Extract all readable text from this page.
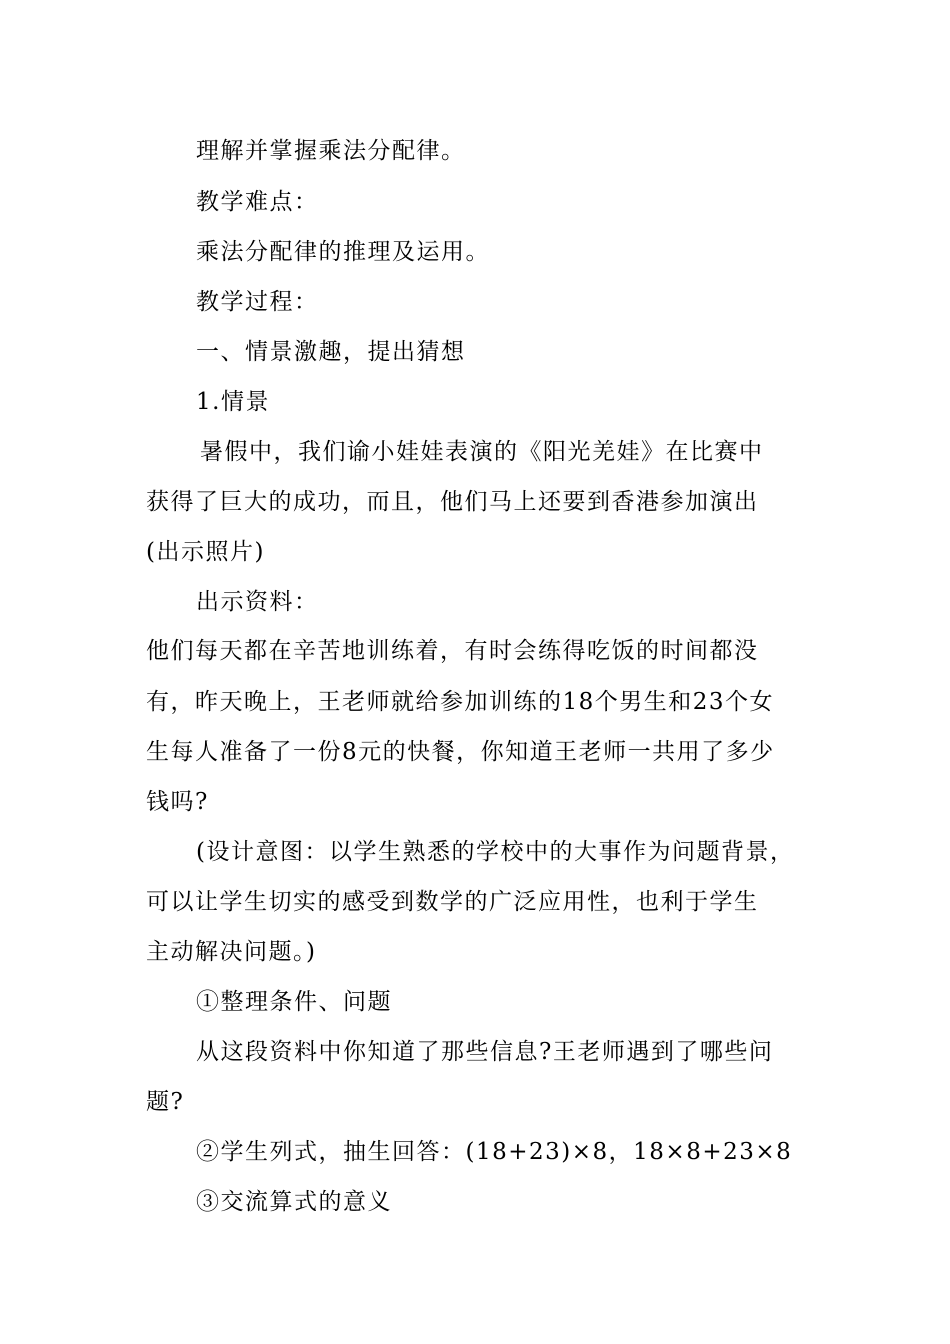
理解并掌握乘法分配律。
教学难点：
乘法分配律的推理及运用。
教学过程：
一、情景激趣，提出猜想
1.情景
暑假中，我们谕小娃娃表演的《阳光羌娃》在比赛中
获得了巨大的成功，而且，他们马上还要到香港参加演出
(出示照片)
出示资料：
他们每天都在辛苦地训练着，有时会练得吃饭的时间都没
有，昨天晚上，王老师就给参加训练的18个男生和23个女
生每人准备了一份8元的快餐，你知道王老师一共用了多少
钱吗?
(设计意图：以学生熟悉的学校中的大事作为问题背景，
可以让学生切实的感受到数学的广泛应用性，也利于学生
主动解决问题。)
①整理条件、问题
从这段资料中你知道了那些信息?王老师遇到了哪些问
题?
②学生列式，抽生回答：(18+23)×8，18×8+23×8
③交流算式的意义
